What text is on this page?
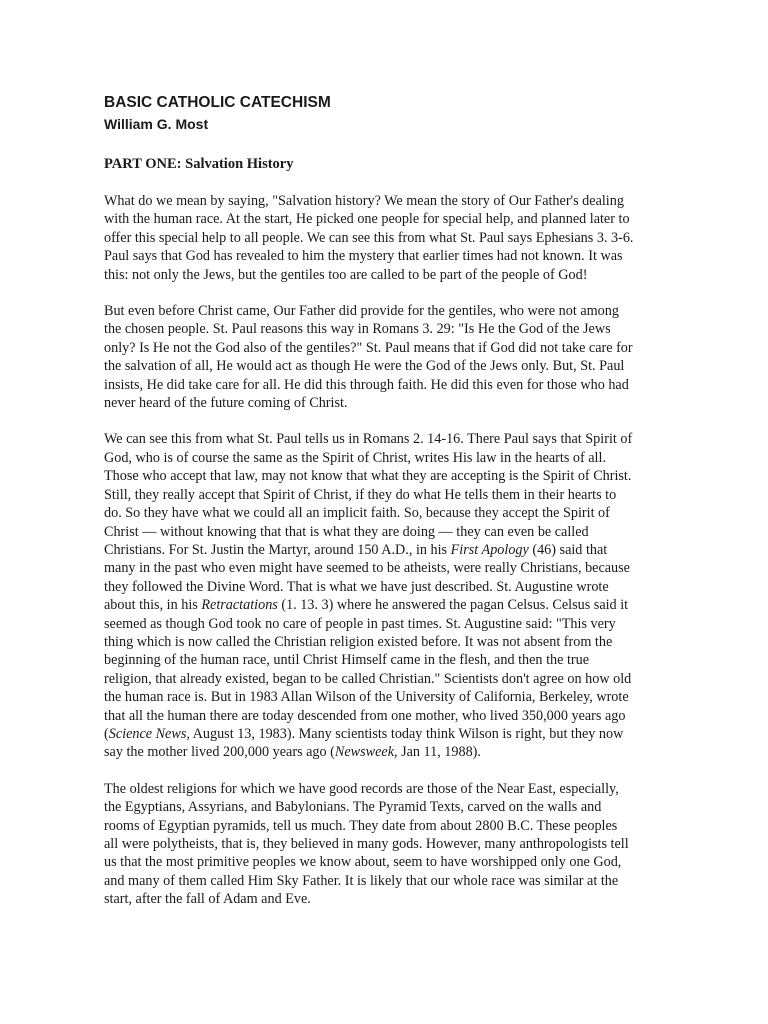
BASIC CATHOLIC CATECHISM
William G. Most
PART ONE: Salvation History
What do we mean by saying, "Salvation history? We mean the story of Our Father's dealing
with the human race. At the start, He picked one people for special help, and planned later to
offer this special help to all people. We can see this from what St. Paul says Ephesians 3. 3-6.
Paul says that God has revealed to him the mystery that earlier times had not known. It was
this: not only the Jews, but the gentiles too are called to be part of the people of God!
But even before Christ came, Our Father did provide for the gentiles, who were not among
the chosen people. St. Paul reasons this way in Romans 3. 29: "Is He the God of the Jews
only? Is He not the God also of the gentiles?" St. Paul means that if God did not take care for
the salvation of all, He would act as though He were the God of the Jews only. But, St. Paul
insists, He did take care for all. He did this through faith. He did this even for those who had
never heard of the future coming of Christ.
We can see this from what St. Paul tells us in Romans 2. 14-16. There Paul says that Spirit of
God, who is of course the same as the Spirit of Christ, writes His law in the hearts of all.
Those who accept that law, may not know that what they are accepting is the Spirit of Christ.
Still, they really accept that Spirit of Christ, if they do what He tells them in their hearts to
do. So they have what we could all an implicit faith. So, because they accept the Spirit of
Christ — without knowing that that is what they are doing — they can even be called
Christians. For St. Justin the Martyr, around 150 A.D., in his First Apology (46) said that
many in the past who even might have seemed to be atheists, were really Christians, because
they followed the Divine Word. That is what we have just described. St. Augustine wrote
about this, in his Retractations (1. 13. 3) where he answered the pagan Celsus. Celsus said it
seemed as though God took no care of people in past times. St. Augustine said: "This very
thing which is now called the Christian religion existed before. It was not absent from the
beginning of the human race, until Christ Himself came in the flesh, and then the true
religion, that already existed, began to be called Christian." Scientists don't agree on how old
the human race is. But in 1983 Allan Wilson of the University of California, Berkeley, wrote
that all the human there are today descended from one mother, who lived 350,000 years ago
(Science News, August 13, 1983). Many scientists today think Wilson is right, but they now
say the mother lived 200,000 years ago (Newsweek, Jan 11, 1988).
The oldest religions for which we have good records are those of the Near East, especially,
the Egyptians, Assyrians, and Babylonians. The Pyramid Texts, carved on the walls and
rooms of Egyptian pyramids, tell us much. They date from about 2800 B.C. These peoples
all were polytheists, that is, they believed in many gods. However, many anthropologists tell
us that the most primitive peoples we know about, seem to have worshipped only one God,
and many of them called Him Sky Father. It is likely that our whole race was similar at the
start, after the fall of Adam and Eve.
